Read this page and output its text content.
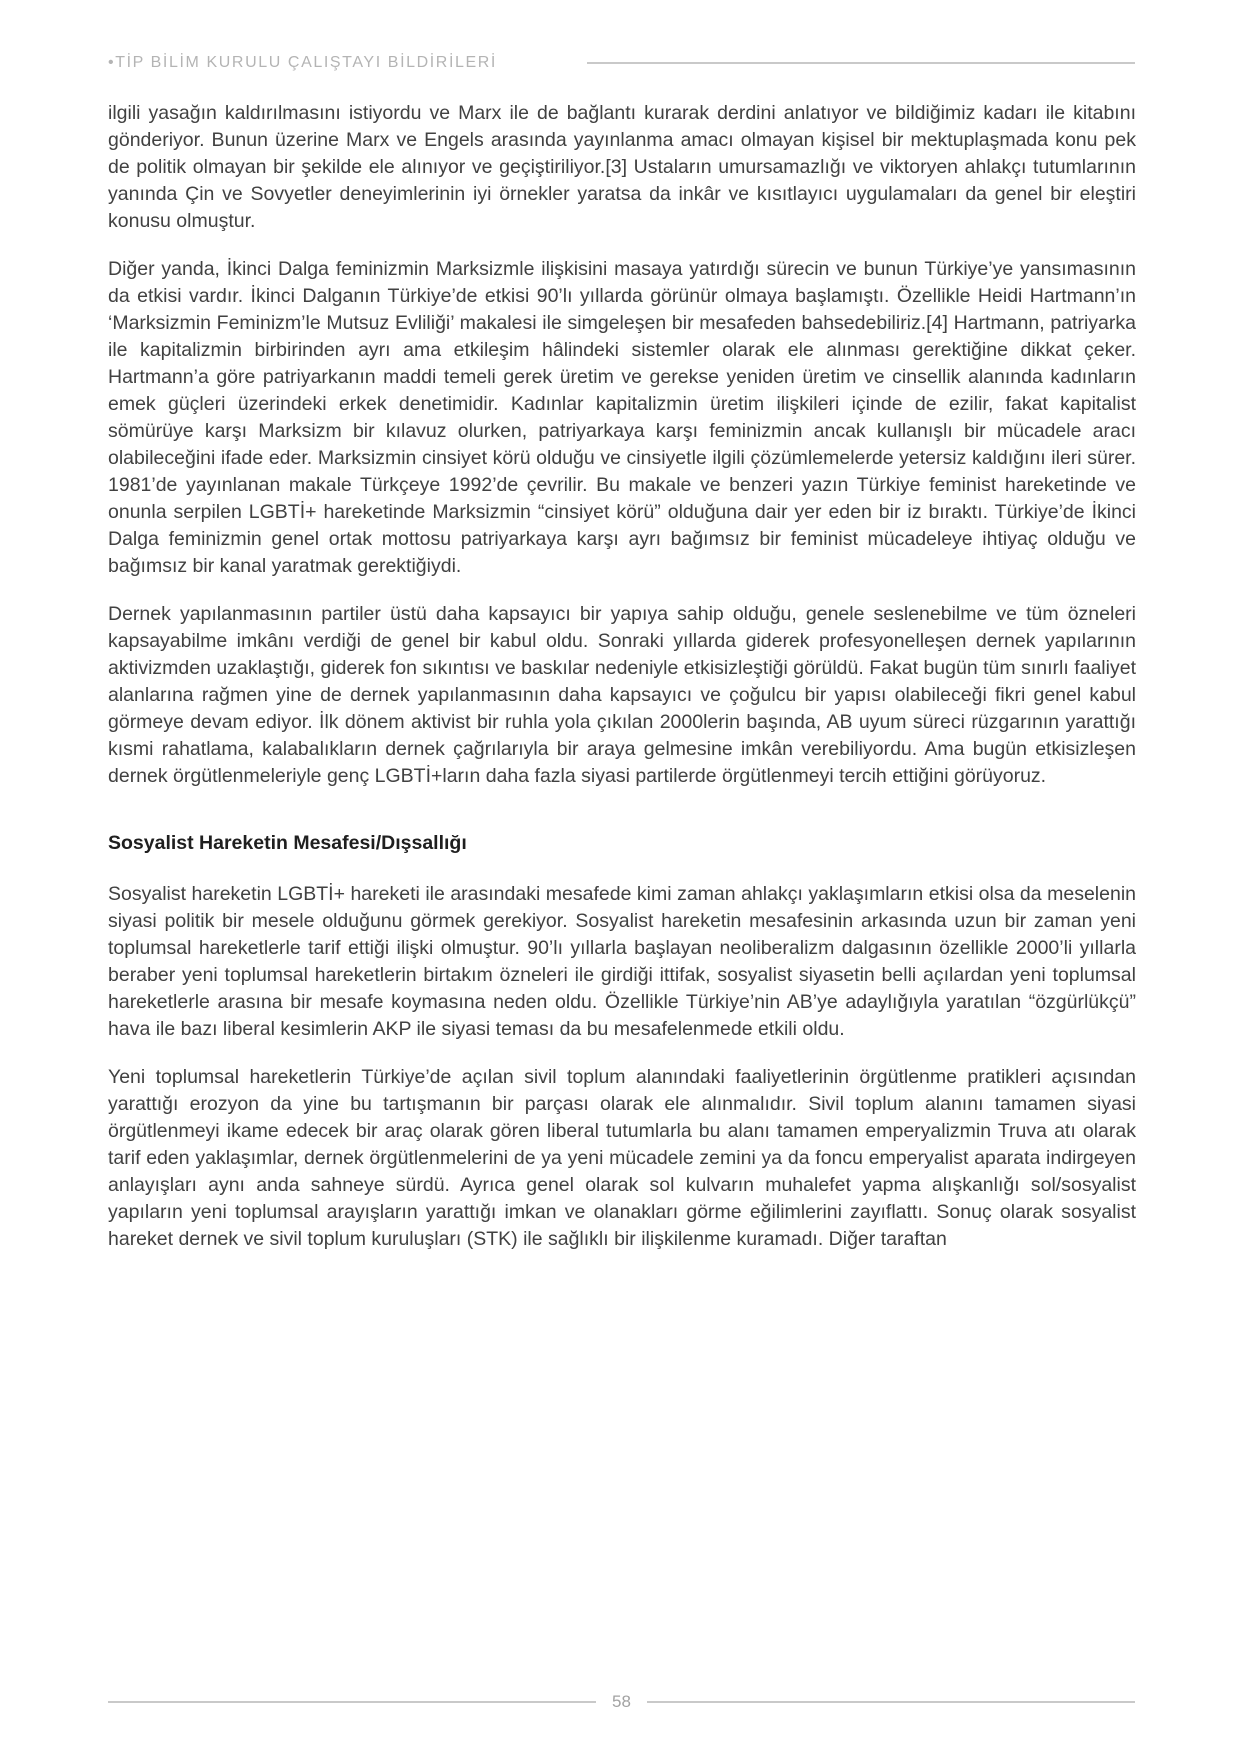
•TİP BİLİM KURULU ÇALIŞTAYI BİLDİRİLERİ

ilgili yasağın kaldırılmasını istiyordu ve Marx ile de bağlantı kurarak derdini anlatıyor ve bildiğimiz kadarı ile kitabını gönderiyor. Bunun üzerine Marx ve Engels arasında yayınlanma amacı olmayan kişisel bir mektuplaşmada konu pek de politik olmayan bir şekilde ele alınıyor ve geçiştiriliyor.[3] Ustaların umursamazlığı ve viktoryen ahlakçı tutumlarının yanında Çin ve Sovyetler deneyimlerinin iyi örnekler yaratsa da inkâr ve kısıtlayıcı uygulamaları da genel bir eleştiri konusu olmuştur.

Diğer yanda, İkinci Dalga feminizmin Marksizmle ilişkisini masaya yatırdığı sürecin ve bunun Türkiye’ye yansımasının da etkisi vardır. İkinci Dalganın Türkiye’de etkisi 90’lı yıllarda görünür olmaya başlamıştı. Özellikle Heidi Hartmann’ın ‘Marksizmin Feminizm’le Mutsuz Evliliği’ makalesi ile simgeleşen bir mesafeden bahsedebiliriz.[4] Hartmann, patriyarka ile kapitalizmin birbirinden ayrı ama etkileşim hâlindeki sistemler olarak ele alınması gerektiğine dikkat çeker. Hartmann’a göre patriyarkanın maddi temeli gerek üretim ve gerekse yeniden üretim ve cinsellik alanında kadınların emek güçleri üzerindeki erkek denetimidir. Kadınlar kapitalizmin üretim ilişkileri içinde de ezilir, fakat kapitalist sömürüye karşı Marksizm bir kılavuz olurken, patriyarkaya karşı feminizmin ancak kullanışlı bir mücadele aracı olabileceğini ifade eder. Marksizmin cinsiyet körü olduğu ve cinsiyetle ilgili çözümlemelerde yetersiz kaldığını ileri sürer. 1981’de yayınlanan makale Türkçeye 1992’de çevrilir. Bu makale ve benzeri yazın Türkiye feminist hareketinde ve onunla serpilen LGBTİ+ hareketinde Marksizmin “cinsiyet körü” olduğuna dair yer eden bir iz bıraktı. Türkiye’de İkinci Dalga feminizmin genel ortak mottosu patriyarkaya karşı ayrı bağımsız bir feminist mücadeleye ihtiyaç olduğu ve bağımsız bir kanal yaratmak gerektiğiydi.

Dernek yapılanmasının partiler üstü daha kapsayıcı bir yapıya sahip olduğu, genele seslenebilme ve tüm özneleri kapsayabilme imkânı verdiği de genel bir kabul oldu. Sonraki yıllarda giderek profesyonelleşen dernek yapılarının aktivizmden uzaklaştığı, giderek fon sıkıntısı ve baskılar nedeniyle etkisizleştiği görüldü. Fakat bugün tüm sınırlı faaliyet alanlarına rağmen yine de dernek yapılanmasının daha kapsayıcı ve çoğulcu bir yapısı olabileceği fikri genel kabul görmeye devam ediyor. İlk dönem aktivist bir ruhla yola çıkılan 2000lerin başında, AB uyum süreci rüzgarının yarattığı kısmi rahatlama, kalabalıkların dernek çağrılarıyla bir araya gelmesine imkân verebiliyordu. Ama bugün etkisizleşen dernek örgütlenmeleriyle genç LGBTİ+ların daha fazla siyasi partilerde örgütlenmeyi tercih ettiğini görüyoruz.

Sosyalist Hareketin Mesafesi/Dışsallığı

Sosyalist hareketin LGBTİ+ hareketi ile arasındaki mesafede kimi zaman ahlakçı yaklaşımların etkisi olsa da meselenin siyasi politik bir mesele olduğunu görmek gerekiyor. Sosyalist hareketin mesafesinin arkasında uzun bir zaman yeni toplumsal hareketlerle tarif ettiği ilişki olmuştur. 90’lı yıllarla başlayan neoliberalizm dalgasının özellikle 2000’li yıllarla beraber yeni toplumsal hareketlerin birtakım özneleri ile girdiği ittifak, sosyalist siyasetin belli açılardan yeni toplumsal hareketlerle arasına bir mesafe koymasına neden oldu. Özellikle Türkiye’nin AB’ye adaylığıyla yaratılan “özgürlükçü” hava ile bazı liberal kesimlerin AKP ile siyasi teması da bu mesafelenmede etkili oldu.

Yeni toplumsal hareketlerin Türkiye’de açılan sivil toplum alanındaki faaliyetlerinin örgütlenme pratikleri açısından yarattığı erozyon da yine bu tartışmanın bir parçası olarak ele alınmalıdır. Sivil toplum alanını tamamen siyasi örgütlenmeyi ikame edecek bir araç olarak gören liberal tutumlarla bu alanı tamamen emperyalizmin Truva atı olarak tarif eden yaklaşımlar, dernek örgütlenmelerini de ya yeni mücadele zemini ya da foncu emperyalist aparata indirgeyen anlayışları aynı anda sahneye sürdü. Ayrıca genel olarak sol kulvarın muhalefet yapma alışkanlığı sol/sosyalist yapıların yeni toplumsal arayışların yarattığı imkan ve olanakları görme eğilimlerini zayıflattı. Sonuç olarak sosyalist hareket dernek ve sivil toplum kuruluşları (STK) ile sağlıklı bir ilişkilenme kuramadı. Diğer taraftan

58
